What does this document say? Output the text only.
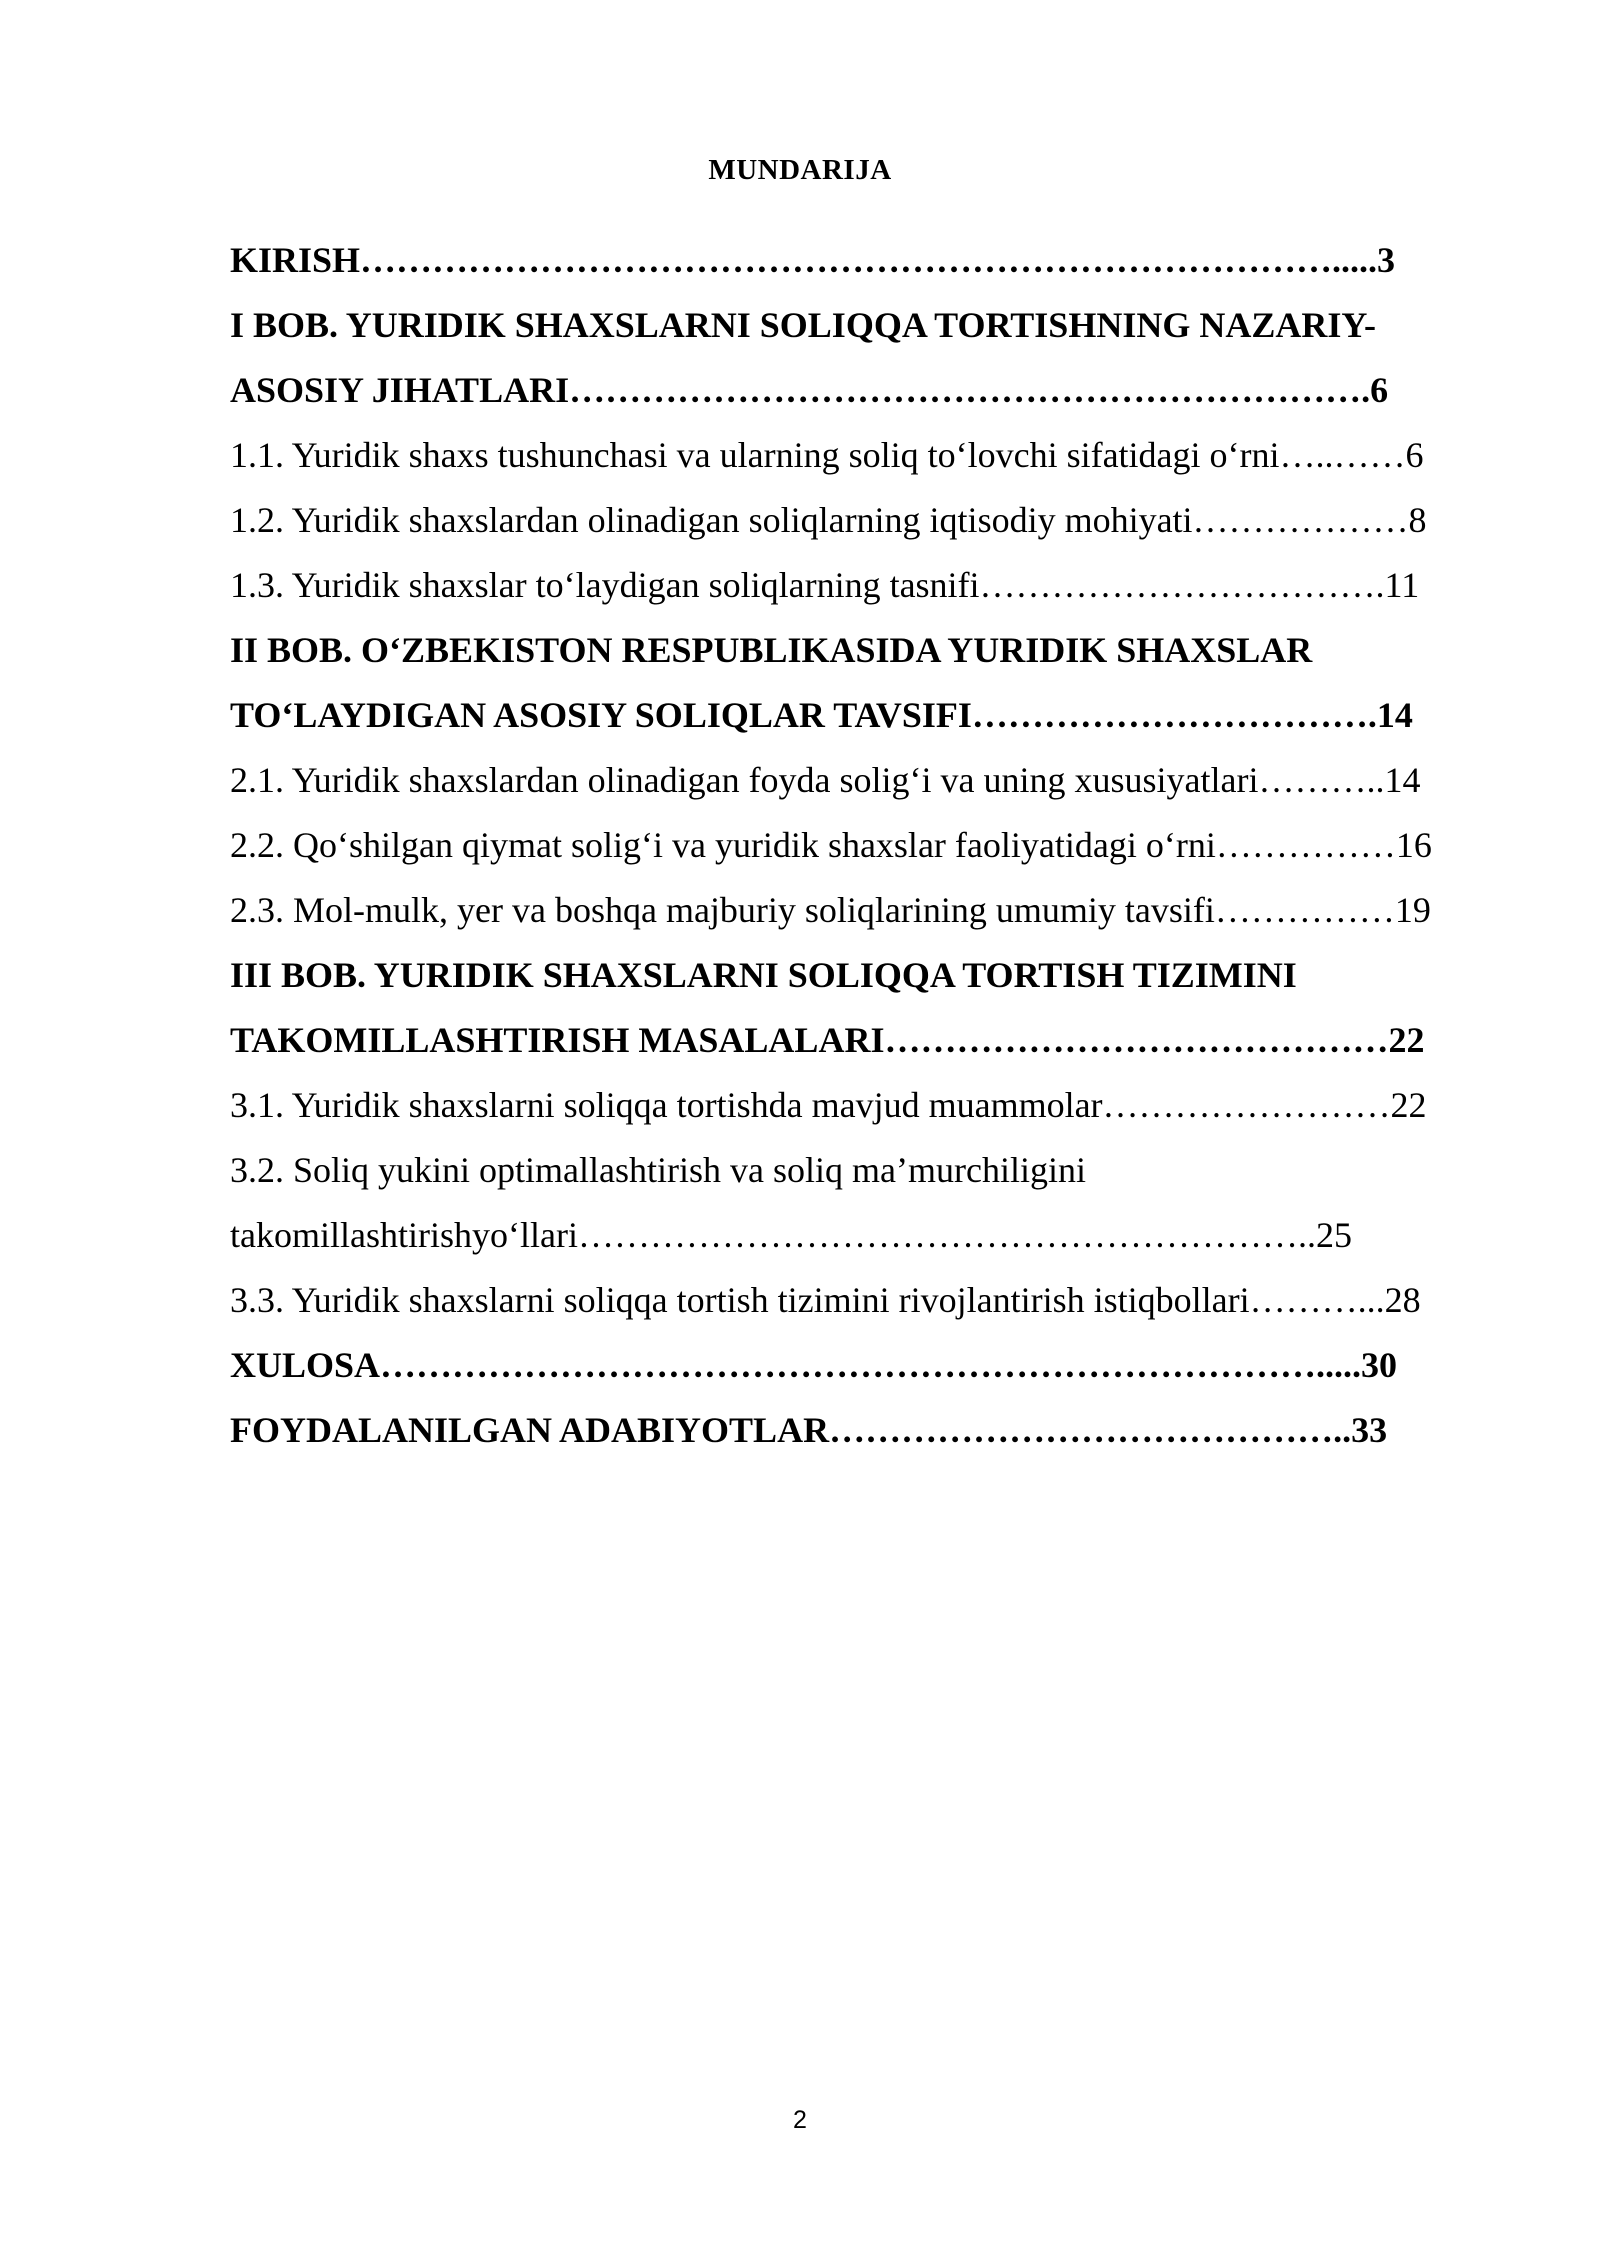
MUNDARIJA
KIRISH……………………………………………………………………….....3
I BOB. YURIDIK SHAXSLARNI SOLIQQA TORTISHNING NAZARIY-
ASOSIY JIHATLARI………………………………………………………….6
1.1. Yuridik shaxs tushunchasi va ularning soliq to‘lovchi sifatidagi o‘rni…..……6
1.2. Yuridik shaxslardan olinadigan soliqlarning iqtisodiy mohiyati………………8
1.3. Yuridik shaxslar to‘laydigan soliqlarning tasnifi…………………………….11
II BOB. O‘ZBEKISTON RESPUBLIKASIDA YURIDIK SHAXSLAR
TO‘LAYDIGAN ASOSIY SOLIQLAR TAVSIFI…………………………….14
2.1. Yuridik shaxslardan olinadigan foyda solig‘i va uning xususiyatlari………..14
2.2. Qo‘shilgan qiymat solig‘i va yuridik shaxslar faoliyatidagi o‘rni……………16
2.3. Mol-mulk, yer va boshqa majburiy soliqlarining umumiy tavsifi……………19
III BOB. YURIDIK SHAXSLARNI SOLIQQA TORTISH TIZIMINI
TAKOMILLASHTIRISH MASALALARI……………………………………22
3.1. Yuridik shaxslarni soliqqa tortishda mavjud muammolar……………………22
3.2. Soliq yukini optimallashtirish va soliq ma’murchiligini
takomillashtirishyo‘llari……………………………………………………..25
3.3. Yuridik shaxslarni soliqqa tortish tizimini rivojlantirish istiqbollari………...28
XULOSA…………………………………………………………………….....30
FOYDALANILGAN ADABIYOTLAR……………………………………..33
2
